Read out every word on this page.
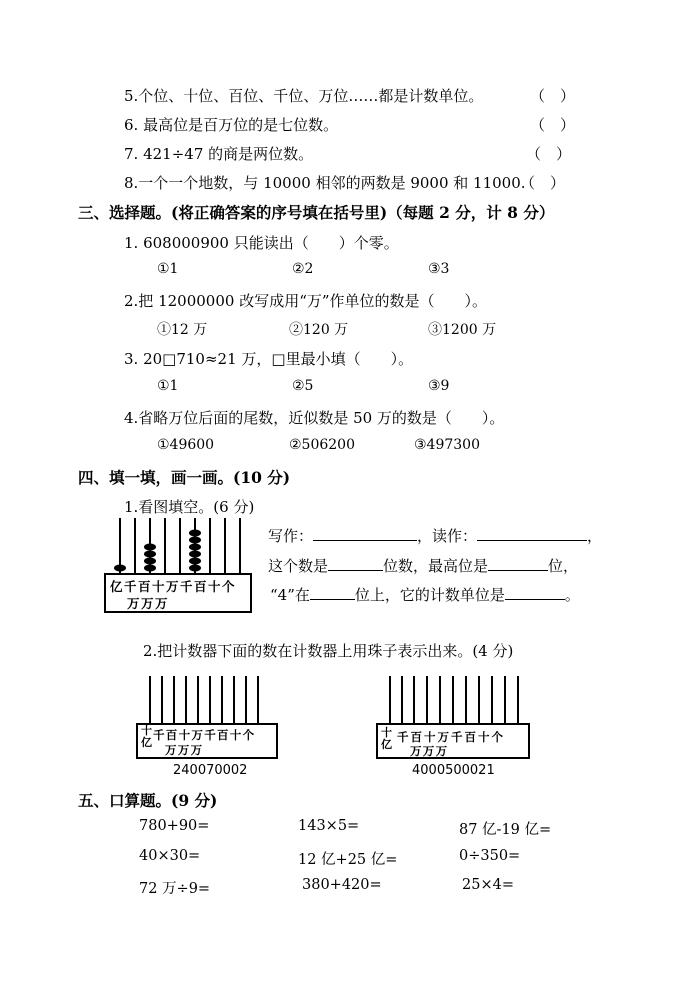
5.个位、十位、百位、千位、万位……都是计数单位。	（　）
6. 最高位是百万位的是七位数。	（　）
7. 421÷47 的商是两位数。	（　）
8.一个一个地数，与 10000 相邻的两数是 9000 和 11000.
（　）
三、选择题。(将正确答案的序号填在括号里)（每题 2 分，计 8 分）
1. 608000900 只能读出（　　）个零。
①1	②2	③3
2.把 12000000 改写成用“万”作单位的数是（　　）。
①12 万	②120 万	③1200 万
3. 20□710≈21 万，□里最小填（　　）。
①1	②5	③9
4.省略万位后面的尾数，近似数是 50 万的数是（　　）。
①49600	②506200	③497300
四、填一填，画一画。(10 分)
1.看图填空。(6 分)
亿千百十万千百十个
万万万
写作：	，读作：	，
这个数是	位数，最高位是	位，
“4”在	位上，它的计数单位是	。
2.把计数器下面的数在计数器上用珠子表示出来。(4 分)
十亿
千百十万千百十个
万万万
240070002
十亿
千百十万千百十个
万万万
4000500021
五、口算题。(9 分)
780+90=	143×5=	87 亿-19 亿=
40×30=	12 亿+25 亿=	0÷350=
72 万÷9=	380+420=	25×4=
